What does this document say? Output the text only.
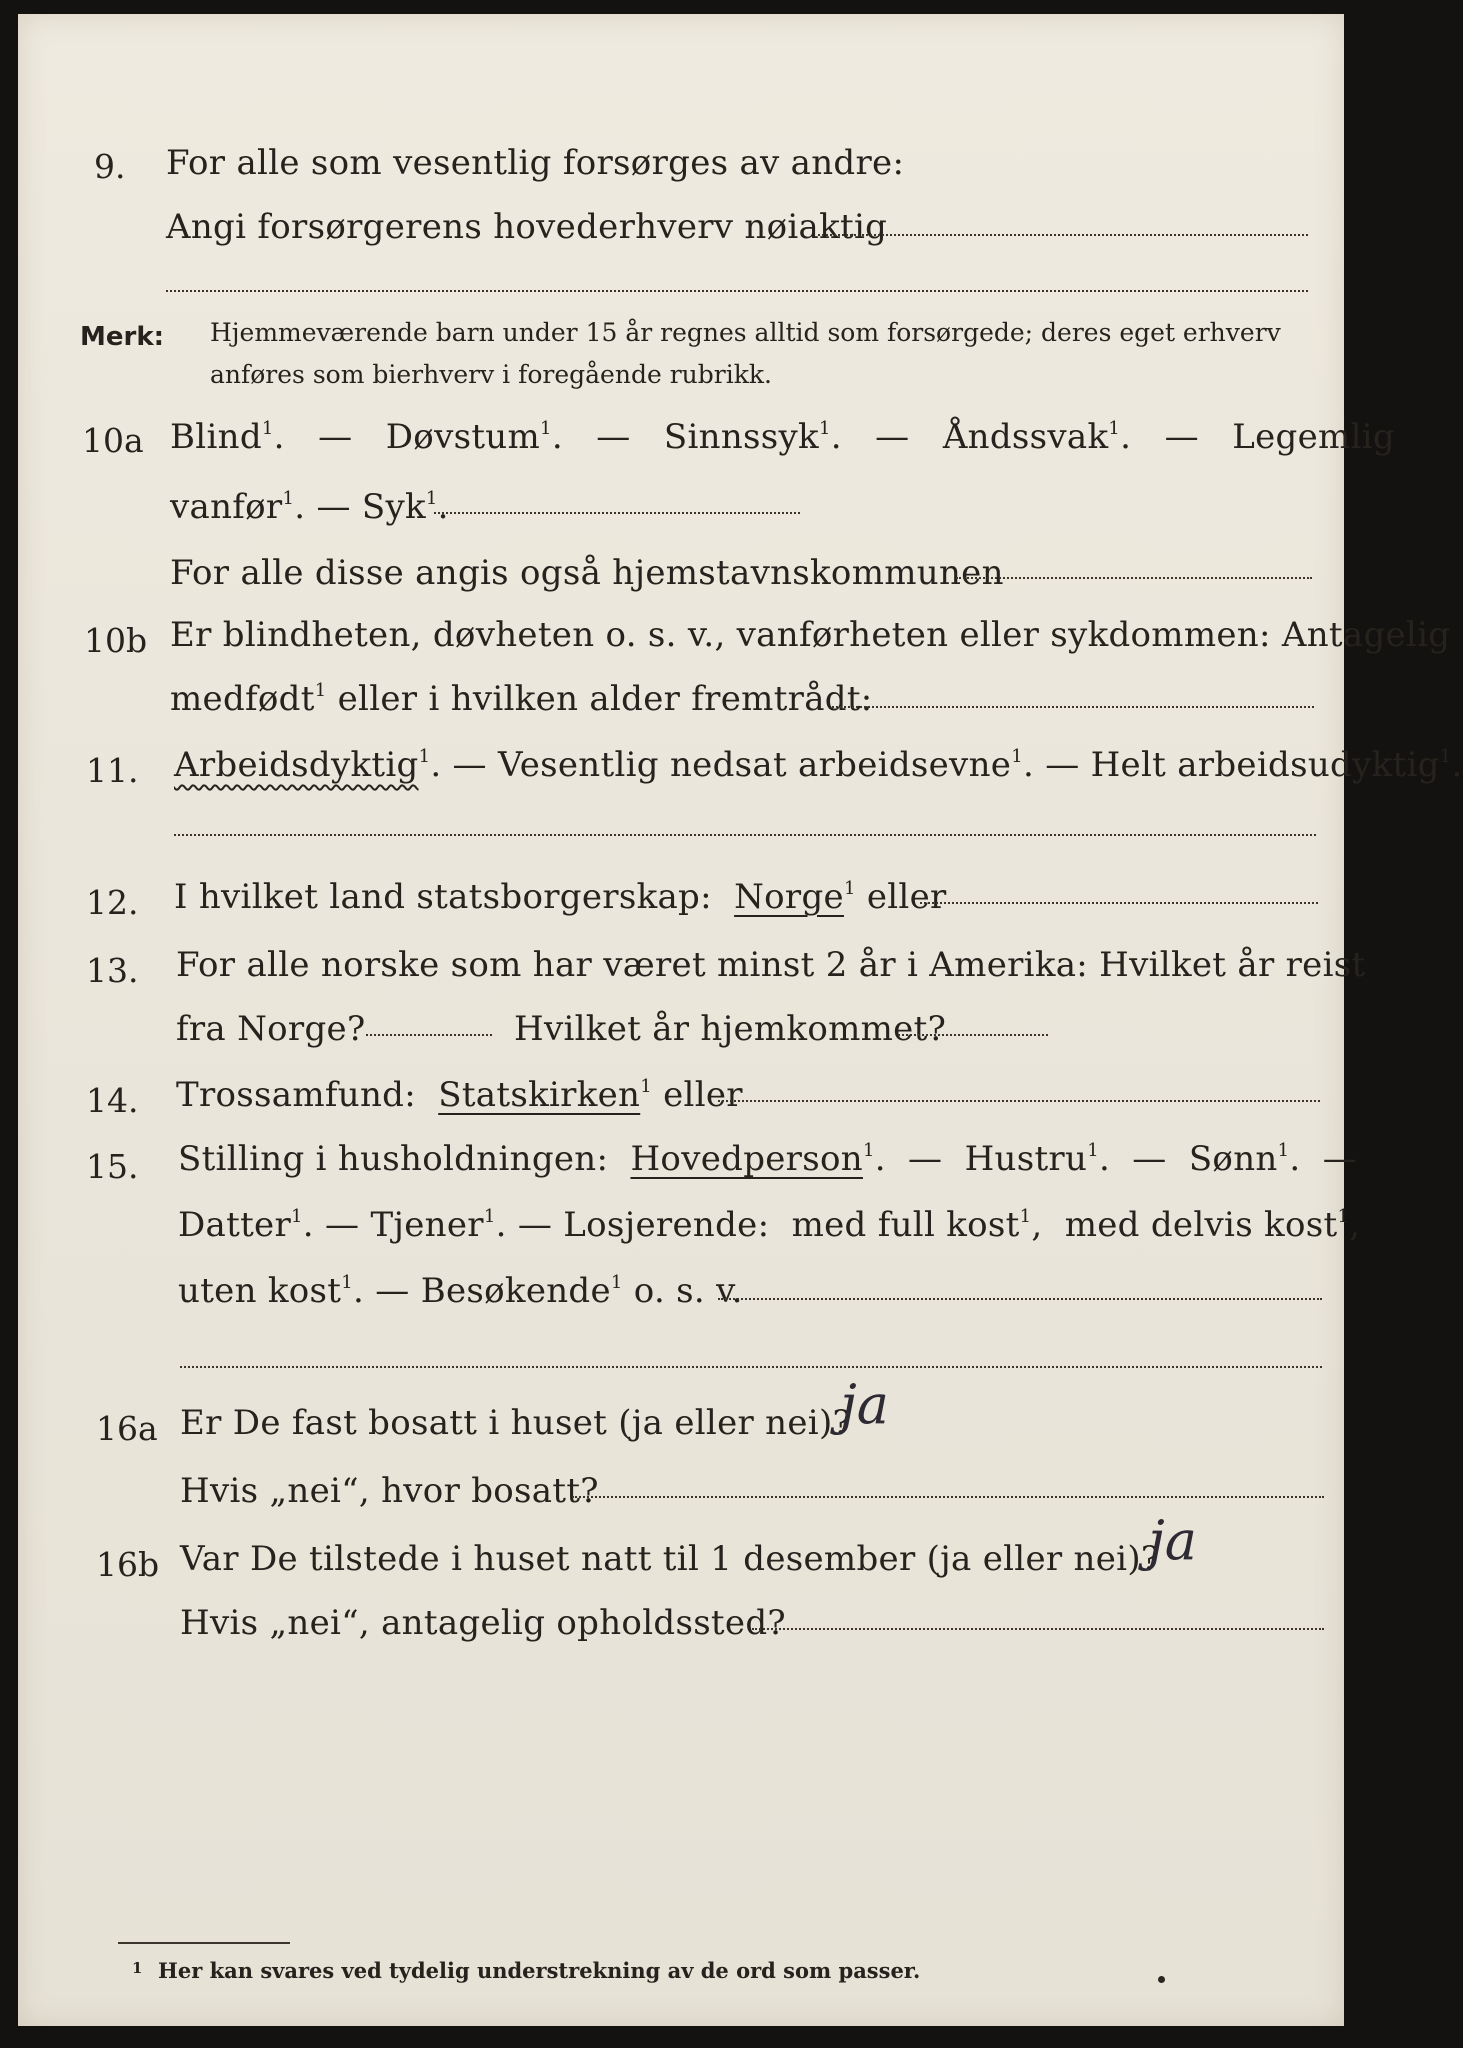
9. For alle som vesentlig forsørges av andre:
Angi forsørgerens hovederhverv nøiaktig
Merk: Hjemmeværende barn under 15 år regnes alltid som forsørgede; deres eget erhverv
anføres som bierhverv i foregående rubrikk.
10a Blind$^1$.   — Døvstum$^1$.   — Sinnssyk$^1$.   — Åndssvak$^1$.   — Legemlig
vanfør$^1$. — Syk$^1$.
For alle disse angis også hjemstavnskommunen
10b Er blindheten, døvheten o. s. v., vanførheten eller sykdommen: Antagelig
medfødt$^1$ eller i hvilken alder fremtrådt:
11. Arbeidsdyktig$^1$. — Vesentlig nedsat arbeidsevne$^1$. — Helt arbeidsudyktig$^1$.
12. I hvilket land statsborgerskap: Norge$^1$ eller
13. For alle norske som har været minst 2 år i Amerika: Hvilket år reist
fra Norge?	Hvilket år hjemkommet?
14. Trossamfund: Statskirken$^1$ eller
15. Stilling i husholdningen: Hovedperson$^1$.  — Hustru$^1$.  — Sønn$^1$.  —
Datter$^1$. — Tjener$^1$. — Losjerende: med full kost$^1$,  med delvis kost$^1$,
uten kost$^1$. — Besøkende$^1$ o. s. v.
16a Er De fast bosatt i huset (ja eller nei)?
ja
Hvis „nei“, hvor bosatt?
16b Var De tilstede i huset natt til 1 desember (ja eller nei)?
ja
Hvis „nei“, antagelig opholdssted?
1 Her kan svares ved tydelig understrekning av de ord som passer.
